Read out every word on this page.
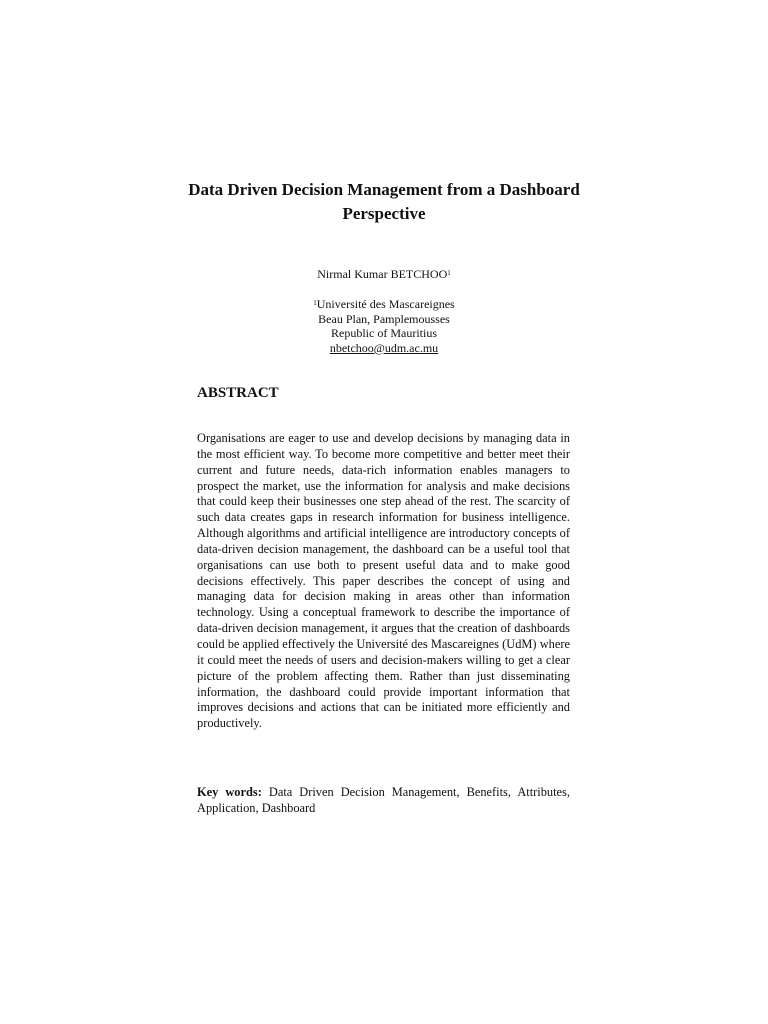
Data Driven Decision Management from a Dashboard
Perspective
Nirmal Kumar BETCHOO$^1$
$^1$Université des Mascareignes
Beau Plan, Pamplemousses
Republic of Mauritius
nbetchoo@udm.ac.mu
ABSTRACT

Organisations are eager to use and develop decisions by managing data in the most efficient way. To become more competitive and better meet their current and future needs, data-rich information enables managers to prospect the market, use the information for analysis and make decisions that could keep their businesses one step ahead of the rest. The scarcity of such data creates gaps in research information for business intelligence. Although algorithms and artificial intelligence are introductory concepts of data-driven decision management, the dashboard can be a useful tool that organisations can use both to present useful data and to make good decisions effectively. This paper describes the concept of using and managing data for decision making in areas other than information technology. Using a conceptual framework to describe the importance of data-driven decision management, it argues that the creation of dashboards could be applied effectively the Université des Mascareignes (UdM) where it could meet the needs of users and decision-makers willing to get a clear picture of the problem affecting them. Rather than just disseminating information, the dashboard could provide important information that improves decisions and actions that can be initiated more efficiently and productively.

Key words: Data Driven Decision Management, Benefits, Attributes, Application, Dashboard
